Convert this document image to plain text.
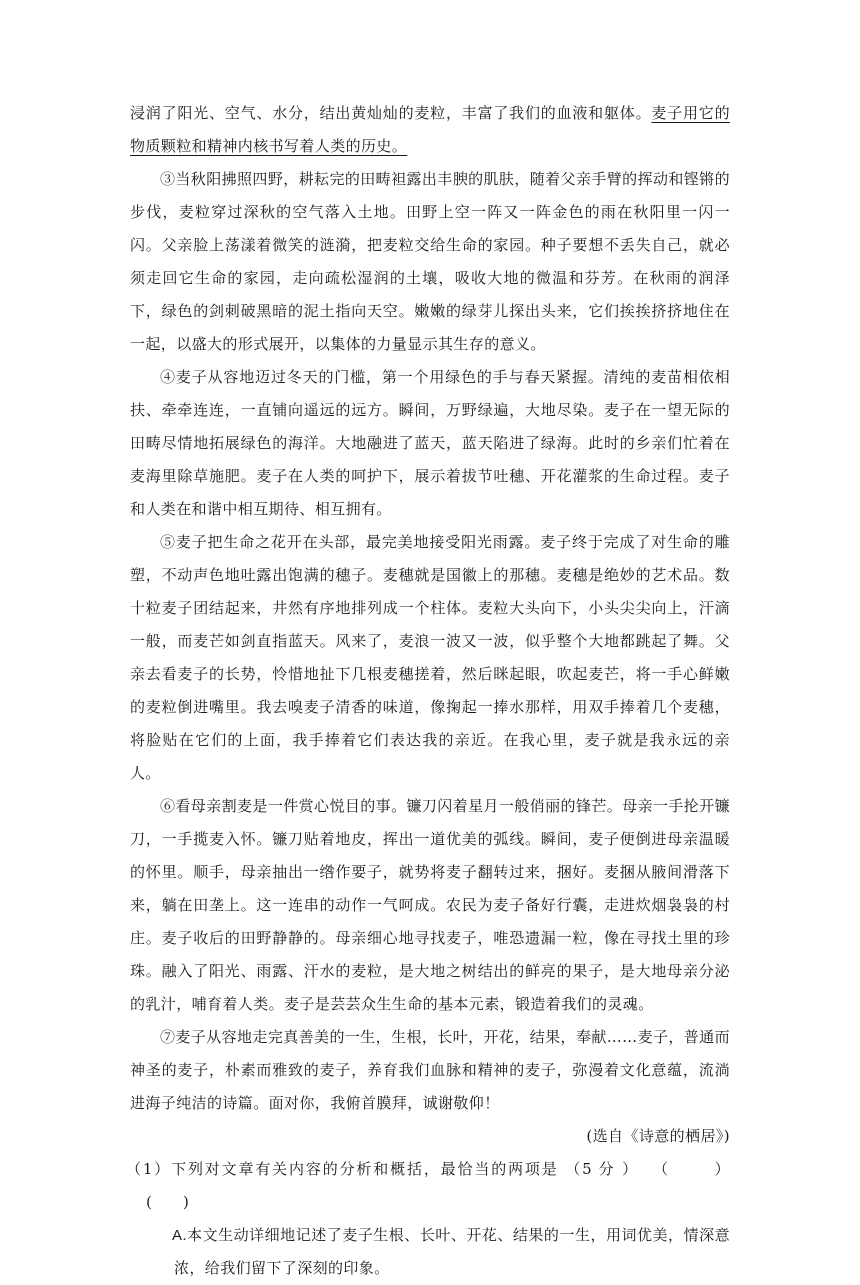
浸润了阳光、空气、水分，结出黄灿灿的麦粒，丰富了我们的血液和躯体。麦子用它的物质颗粒和精神内核书写着人类的历史。

③当秋阳拂照四野，耕耘完的田畴袒露出丰腴的肌肤，随着父亲手臂的挥动和铿锵的步伐，麦粒穿过深秋的空气落入土地。田野上空一阵又一阵金色的雨在秋阳里一闪一闪。父亲脸上荡漾着微笑的涟漪，把麦粒交给生命的家园。种子要想不丢失自己，就必须走回它生命的家园，走向疏松湿润的土壤，吸收大地的微温和芬芳。在秋雨的润泽下，绿色的剑刺破黑暗的泥土指向天空。嫩嫩的绿芽儿探出头来，它们挨挨挤挤地住在一起，以盛大的形式展开，以集体的力量显示其生存的意义。

④麦子从容地迈过冬天的门槛，第一个用绿色的手与春天紧握。清纯的麦苗相依相扶、牵牵连连，一直铺向遥远的远方。瞬间，万野绿遍，大地尽染。麦子在一望无际的田畴尽情地拓展绿色的海洋。大地融进了蓝天，蓝天陷进了绿海。此时的乡亲们忙着在麦海里除草施肥。麦子在人类的呵护下，展示着拔节吐穗、开花灌浆的生命过程。麦子和人类在和谐中相互期待、相互拥有。

⑤麦子把生命之花开在头部，最完美地接受阳光雨露。麦子终于完成了对生命的雕塑，不动声色地吐露出饱满的穗子。麦穗就是国徽上的那穗。麦穗是绝妙的艺术品。数十粒麦子团结起来，井然有序地排列成一个柱体。麦粒大头向下，小头尖尖向上，汗滴一般，而麦芒如剑直指蓝天。风来了，麦浪一波又一波，似乎整个大地都跳起了舞。父亲去看麦子的长势，怜惜地扯下几根麦穗搓着，然后眯起眼，吹起麦芒，将一手心鲜嫩的麦粒倒进嘴里。我去嗅麦子清香的味道，像掬起一捧水那样，用双手捧着几个麦穗，将脸贴在它们的上面，我手捧着它们表达我的亲近。在我心里，麦子就是我永远的亲人。

⑥看母亲割麦是一件赏心悦目的事。镰刀闪着星月一般俏丽的锋芒。母亲一手抡开镰刀，一手揽麦入怀。镰刀贴着地皮，挥出一道优美的弧线。瞬间，麦子便倒进母亲温暖的怀里。顺手，母亲抽出一绺作要子，就势将麦子翻转过来，捆好。麦捆从腋间滑落下来，躺在田垄上。这一连串的动作一气呵成。农民为麦子备好行囊，走进炊烟袅袅的村庄。麦子收后的田野静静的。母亲细心地寻找麦子，唯恐遗漏一粒，像在寻找土里的珍珠。融入了阳光、雨露、汗水的麦粒，是大地之树结出的鲜亮的果子，是大地母亲分泌的乳汁，哺育着人类。麦子是芸芸众生生命的基本元素，锻造着我们的灵魂。

⑦麦子从容地走完真善美的一生，生根，长叶，开花，结果，奉献……麦子，普通而神圣的麦子，朴素而雅致的麦子，养育我们血脉和精神的麦子，弥漫着文化意蕴，流淌进海子纯洁的诗篇。面对你，我俯首膜拜，诚谢敬仰！

(选自《诗意的栖居》)

（1）下列对文章有关内容的分析和概括，最恰当的两项是 （5 分 ） （　　　）(　　)

A.本文生动详细地记述了麦子生根、长叶、开花、结果的一生，用词优美，情深意浓，给我们留下了深刻的印象。
